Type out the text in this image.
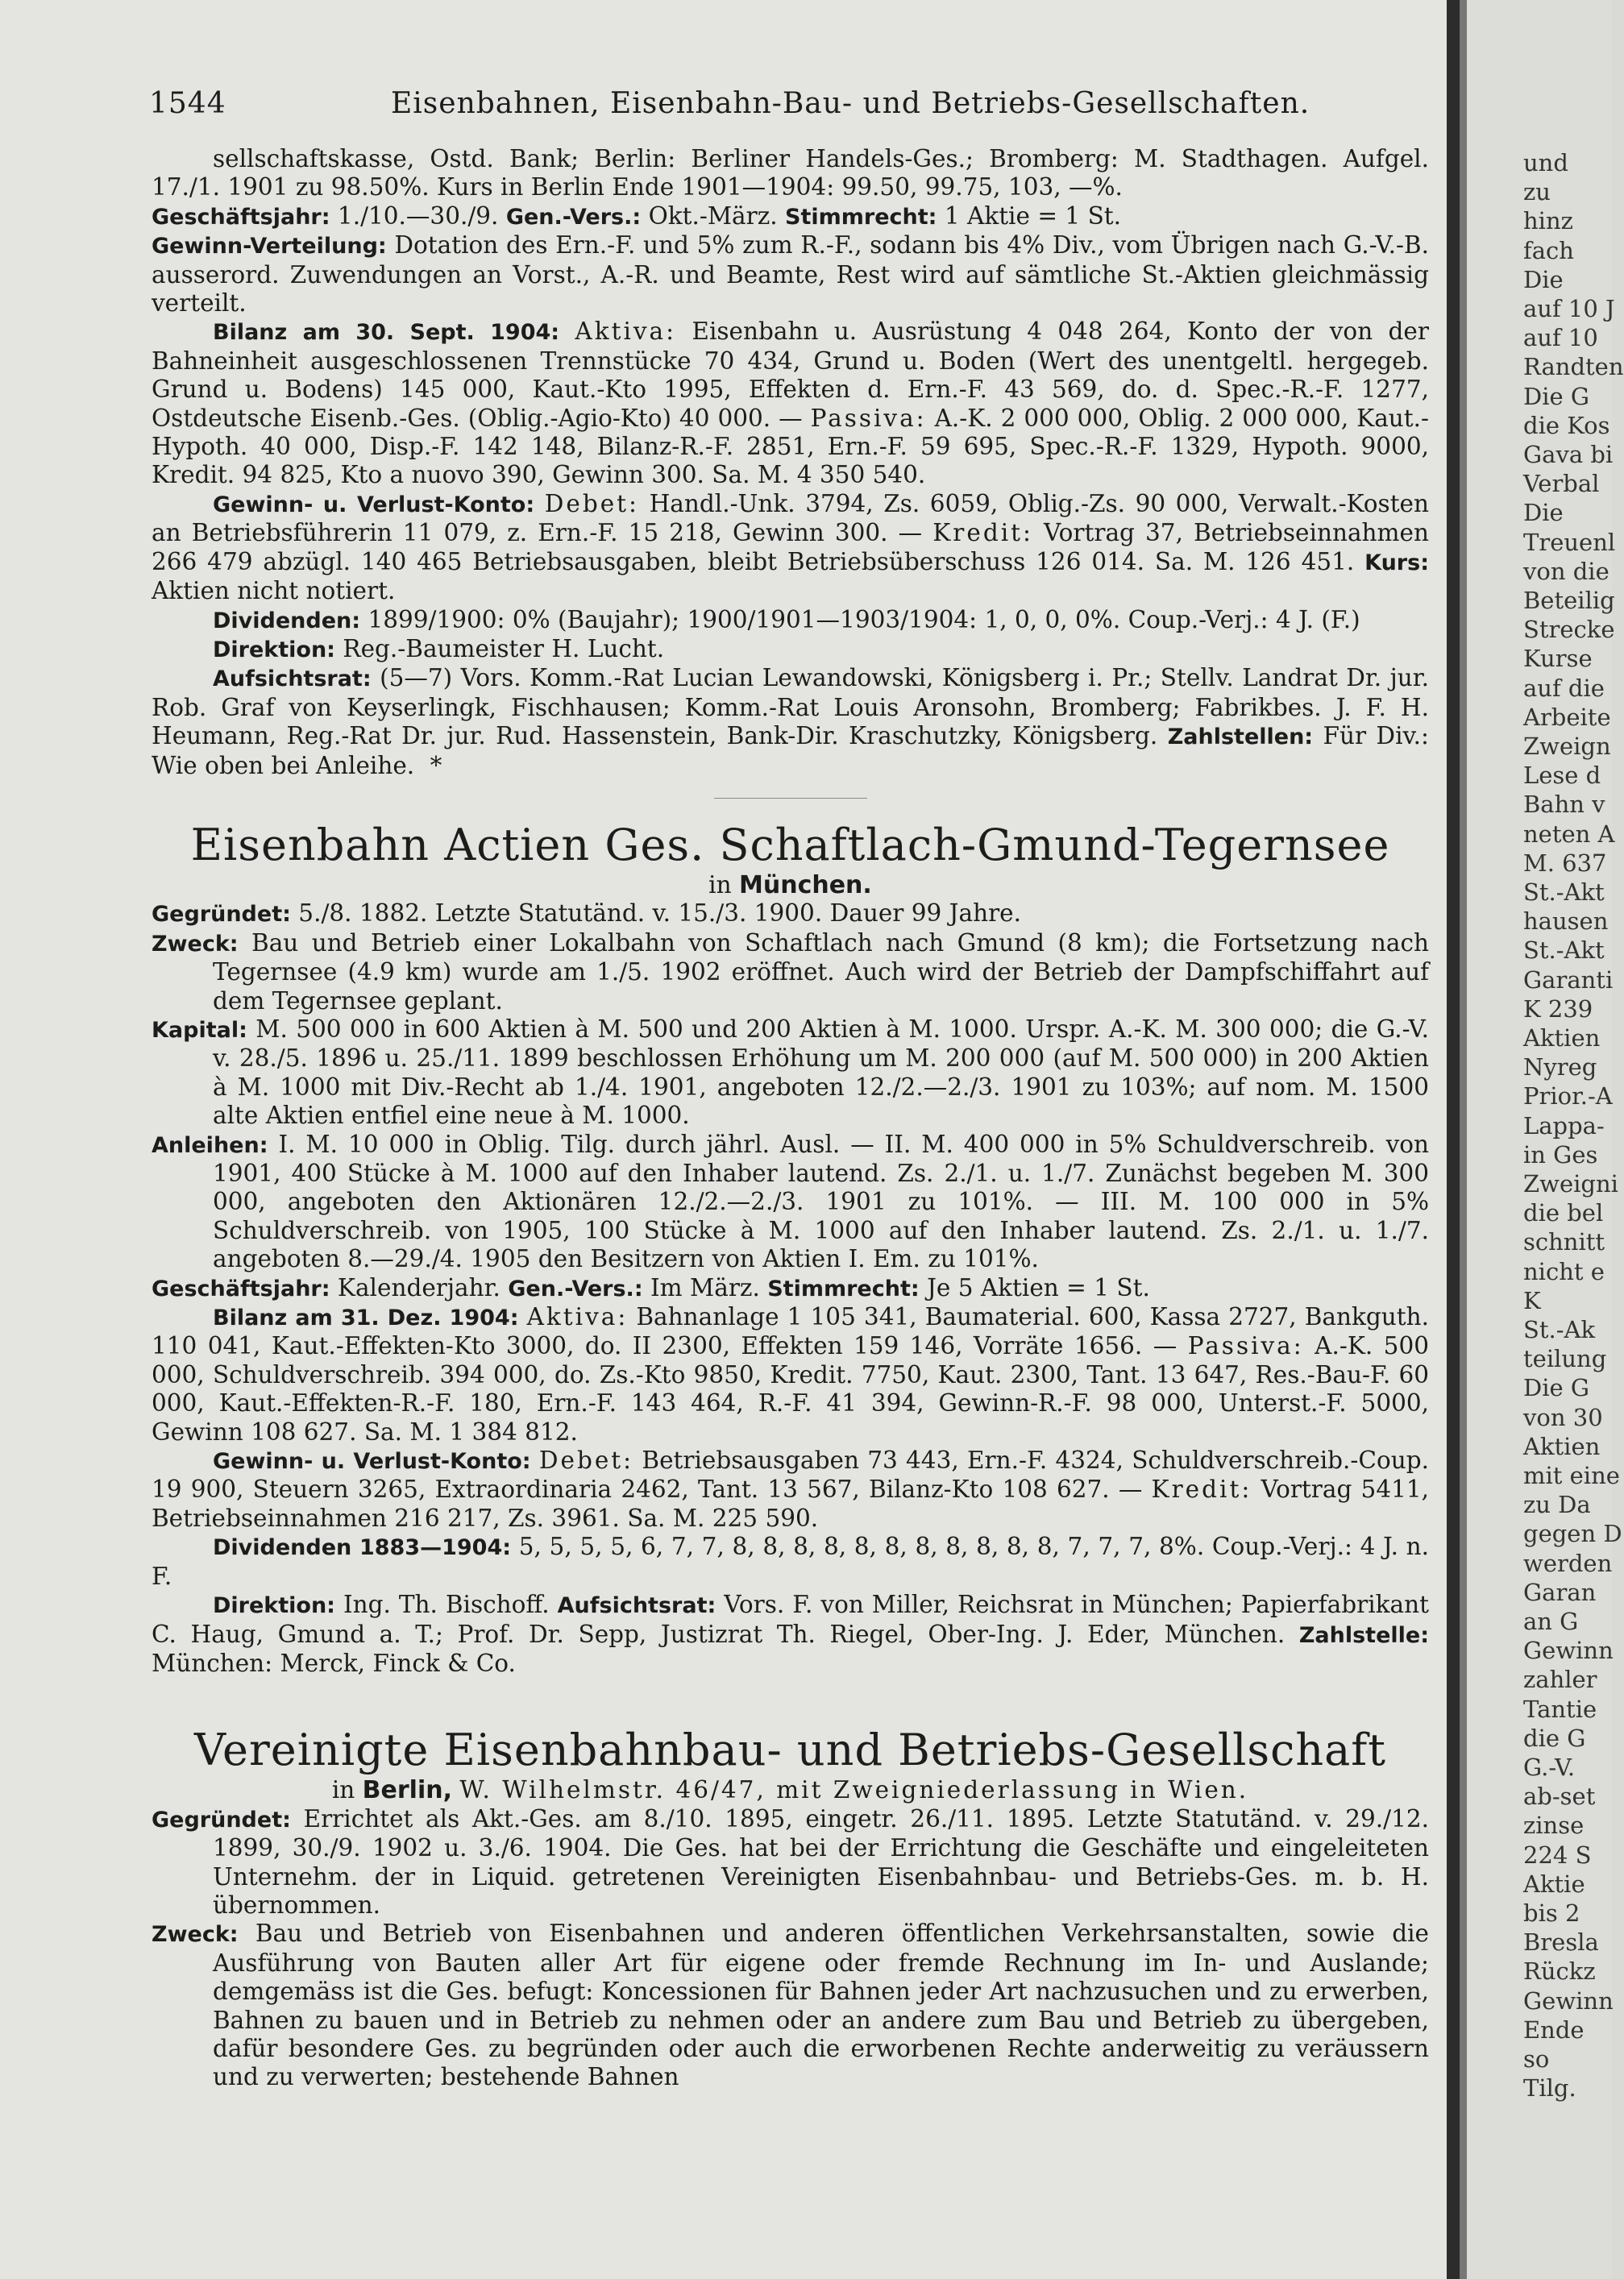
1544	Eisenbahnen, Eisenbahn-Bau- und Betriebs-Gesellschaften.

sellschaftskasse, Ostd. Bank; Berlin: Berliner Handels-Ges.; Bromberg: M. Stadthagen. Aufgel. 17./1. 1901 zu 98.50%. Kurs in Berlin Ende 1901—1904: 99.50, 99.75, 103, —%.

Geschäftsjahr: 1./10.—30./9. Gen.-Vers.: Okt.-März. Stimmrecht: 1 Aktie = 1 St.

Gewinn-Verteilung: Dotation des Ern.-F. und 5% zum R.-F., sodann bis 4% Div., vom Übrigen nach G.-V.-B. ausserord. Zuwendungen an Vorst., A.-R. und Beamte, Rest wird auf sämtliche St.-Aktien gleichmässig verteilt.

Bilanz am 30. Sept. 1904: Aktiva: Eisenbahn u. Ausrüstung 4 048 264, Konto der von der Bahneinheit ausgeschlossenen Trennstücke 70 434, Grund u. Boden (Wert des unentgeltl. hergegeb. Grund u. Bodens) 145 000, Kaut.-Kto 1995, Effekten d. Ern.-F. 43 569, do. d. Spec.-R.-F. 1277, Ostdeutsche Eisenb.-Ges. (Oblig.-Agio-Kto) 40 000. — Passiva: A.-K. 2 000 000, Oblig. 2 000 000, Kaut.-Hypoth. 40 000, Disp.-F. 142 148, Bilanz-R.-F. 2851, Ern.-F. 59 695, Spec.-R.-F. 1329, Hypoth. 9000, Kredit. 94 825, Kto a nuovo 390, Gewinn 300. Sa. M. 4 350 540.

Gewinn- u. Verlust-Konto: Debet: Handl.-Unk. 3794, Zs. 6059, Oblig.-Zs. 90 000, Verwalt.-Kosten an Betriebsführerin 11 079, z. Ern.-F. 15 218, Gewinn 300. — Kredit: Vortrag 37, Betriebseinnahmen 266 479 abzügl. 140 465 Betriebsausgaben, bleibt Betriebsüberschuss 126 014. Sa. M. 126 451. Kurs: Aktien nicht notiert.

Dividenden: 1899/1900: 0% (Baujahr); 1900/1901—1903/1904: 1, 0, 0, 0%. Coup.-Verj.: 4 J. (F.)

Direktion: Reg.-Baumeister H. Lucht.

Aufsichtsrat: (5—7) Vors. Komm.-Rat Lucian Lewandowski, Königsberg i. Pr.; Stellv. Landrat Dr. jur. Rob. Graf von Keyserlingk, Fischhausen; Komm.-Rat Louis Aronsohn, Bromberg; Fabrikbes. J. F. H. Heumann, Reg.-Rat Dr. jur. Rud. Hassenstein, Bank-Dir. Kraschutzky, Königsberg. Zahlstellen: Für Div.: Wie oben bei Anleihe. *

Eisenbahn Actien Ges. Schaftlach-Gmund-Tegernsee

in München.

Gegründet: 5./8. 1882. Letzte Statutänd. v. 15./3. 1900. Dauer 99 Jahre.

Zweck: Bau und Betrieb einer Lokalbahn von Schaftlach nach Gmund (8 km); die Fortsetzung nach Tegernsee (4.9 km) wurde am 1./5. 1902 eröffnet. Auch wird der Betrieb der Dampfschiffahrt auf dem Tegernsee geplant.

Kapital: M. 500 000 in 600 Aktien à M. 500 und 200 Aktien à M. 1000. Urspr. A.-K. M. 300 000; die G.-V. v. 28./5. 1896 u. 25./11. 1899 beschlossen Erhöhung um M. 200 000 (auf M. 500 000) in 200 Aktien à M. 1000 mit Div.-Recht ab 1./4. 1901, angeboten 12./2.—2./3. 1901 zu 103%; auf nom. M. 1500 alte Aktien entfiel eine neue à M. 1000.

Anleihen: I. M. 10 000 in Oblig. Tilg. durch jährl. Ausl. — II. M. 400 000 in 5% Schuldverschreib. von 1901, 400 Stücke à M. 1000 auf den Inhaber lautend. Zs. 2./1. u. 1./7. Zunächst begeben M. 300 000, angeboten den Aktionären 12./2.—2./3. 1901 zu 101%. — III. M. 100 000 in 5% Schuldverschreib. von 1905, 100 Stücke à M. 1000 auf den Inhaber lautend. Zs. 2./1. u. 1./7. angeboten 8.—29./4. 1905 den Besitzern von Aktien I. Em. zu 101%.

Geschäftsjahr: Kalenderjahr. Gen.-Vers.: Im März. Stimmrecht: Je 5 Aktien = 1 St.

Bilanz am 31. Dez. 1904: Aktiva: Bahnanlage 1 105 341, Baumaterial. 600, Kassa 2727, Bankguth. 110 041, Kaut.-Effekten-Kto 3000, do. II 2300, Effekten 159 146, Vorräte 1656. — Passiva: A.-K. 500 000, Schuldverschreib. 394 000, do. Zs.-Kto 9850, Kredit. 7750, Kaut. 2300, Tant. 13 647, Res.-Bau-F. 60 000, Kaut.-Effekten-R.-F. 180, Ern.-F. 143 464, R.-F. 41 394, Gewinn-R.-F. 98 000, Unterst.-F. 5000, Gewinn 108 627. Sa. M. 1 384 812.

Gewinn- u. Verlust-Konto: Debet: Betriebsausgaben 73 443, Ern.-F. 4324, Schuldverschreib.-Coup. 19 900, Steuern 3265, Extraordinaria 2462, Tant. 13 567, Bilanz-Kto 108 627. — Kredit: Vortrag 5411, Betriebseinnahmen 216 217, Zs. 3961. Sa. M. 225 590.

Dividenden 1883—1904: 5, 5, 5, 5, 6, 7, 7, 8, 8, 8, 8, 8, 8, 8, 8, 8, 8, 8, 7, 7, 7, 8%. Coup.-Verj.: 4 J. n. F.

Direktion: Ing. Th. Bischoff. Aufsichtsrat: Vors. F. von Miller, Reichsrat in München; Papierfabrikant C. Haug, Gmund a. T.; Prof. Dr. Sepp, Justizrat Th. Riegel, Ober-Ing. J. Eder, München. Zahlstelle: München: Merck, Finck & Co.

Vereinigte Eisenbahnbau- und Betriebs-Gesellschaft

in Berlin, W. Wilhelmstr. 46/47, mit Zweigniederlassung in Wien.

Gegründet: Errichtet als Akt.-Ges. am 8./10. 1895, eingetr. 26./11. 1895. Letzte Statutänd. v. 29./12. 1899, 30./9. 1902 u. 3./6. 1904. Die Ges. hat bei der Errichtung die Geschäfte und eingeleiteten Unternehm. der in Liquid. getretenen Vereinigten Eisenbahnbau- und Betriebs-Ges. m. b. H. übernommen.

Zweck: Bau und Betrieb von Eisenbahnen und anderen öffentlichen Verkehrsanstalten, sowie die Ausführung von Bauten aller Art für eigene oder fremde Rechnung im In- und Auslande; demgemäss ist die Ges. befugt: Koncessionen für Bahnen jeder Art nachzusuchen und zu erwerben, Bahnen zu bauen und in Betrieb zu nehmen oder an andere zum Bau und Betrieb zu übergeben, dafür besondere Ges. zu begründen oder auch die erworbenen Rechte anderweitig zu veräussern und zu verwerten; bestehende Bahnen

und
zu
hinz
fach
Die
auf 10 J
auf 10
Randten
Die G
die Kos
Gava bi
Verbal
Die
Treuenl
von die
Beteilig
Strecke
Kurse
auf die
Arbeite
Zweign
Lese d
Bahn v
neten A
M. 637
St.-Akt
hausen
St.-Akt
Garanti
K 239
Aktien
Nyreg
Prior.-A
Lappa-
in Ges
Zweigni
die bel
schnitt
nicht e
K
St.-Ak
teilung
Die G
von 30
Aktien
mit eine
zu Da
gegen D
werden
Garan
an G
Gewinn
zahler
Tantie
die G
G.-V.
ab-set
zinse
224 S
Aktie
bis 2
Bresla
Rückz
Gewinn
Ende
so
Tilg.
